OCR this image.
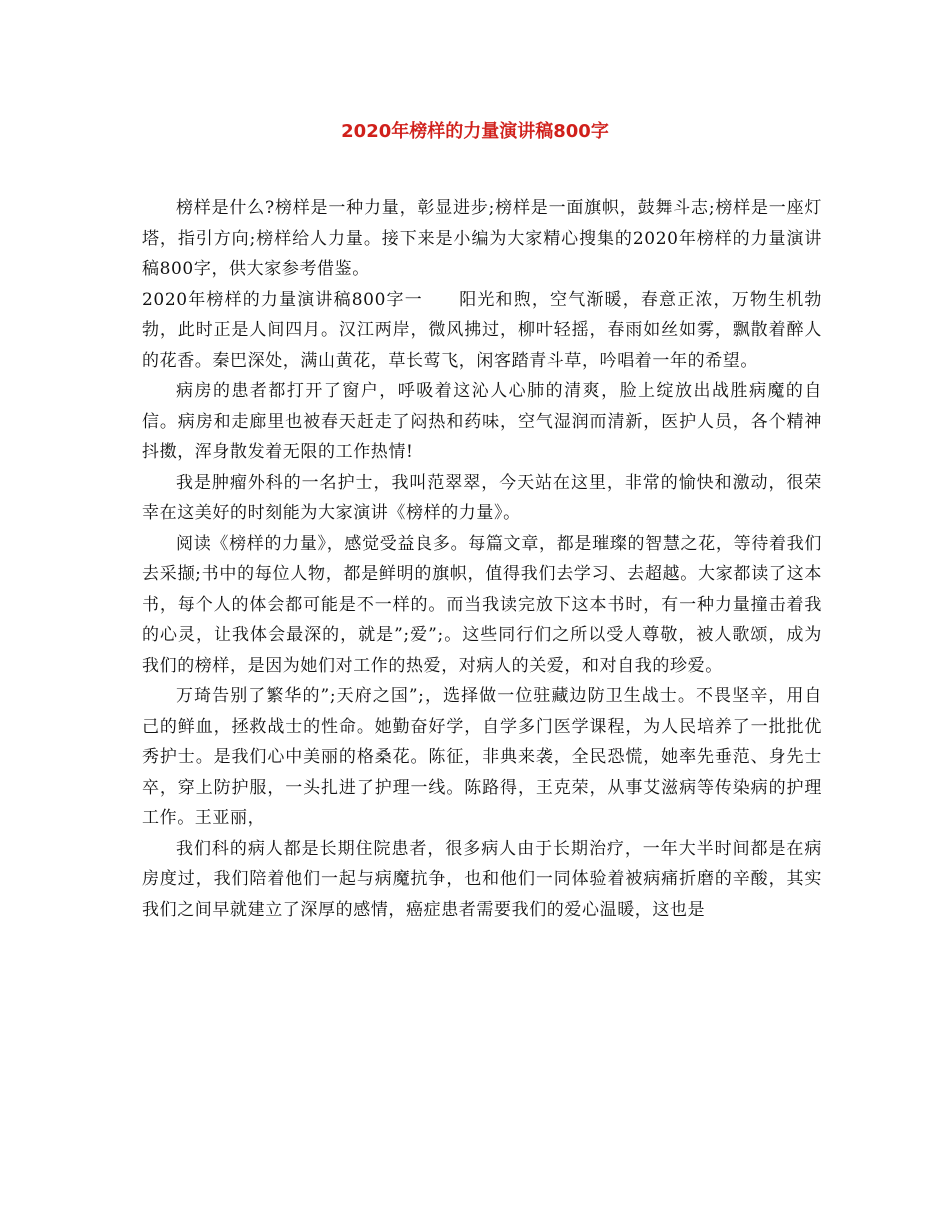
2020年榜样的力量演讲稿800字

榜样是什么?榜样是一种力量，彰显进步;榜样是一面旗帜，鼓舞斗志;榜样是一座灯塔，指引方向;榜样给人力量。接下来是小编为大家精心搜集的2020年榜样的力量演讲稿800字，供大家参考借鉴。

2020年榜样的力量演讲稿800字一　　阳光和煦，空气渐暖，春意正浓，万物生机勃勃，此时正是人间四月。汉江两岸，微风拂过，柳叶轻摇，春雨如丝如雾，飘散着醉人的花香。秦巴深处，满山黄花，草长莺飞，闲客踏青斗草，吟唱着一年的希望。

病房的患者都打开了窗户，呼吸着这沁人心肺的清爽，脸上绽放出战胜病魔的自信。病房和走廊里也被春天赶走了闷热和药味，空气湿润而清新，医护人员，各个精神抖擞，浑身散发着无限的工作热情!

我是肿瘤外科的一名护士，我叫范翠翠，今天站在这里，非常的愉快和激动，很荣幸在这美好的时刻能为大家演讲《榜样的力量》。

阅读《榜样的力量》，感觉受益良多。每篇文章，都是璀璨的智慧之花，等待着我们去采撷;书中的每位人物，都是鲜明的旗帜，值得我们去学习、去超越。大家都读了这本书，每个人的体会都可能是不一样的。而当我读完放下这本书时，有一种力量撞击着我的心灵，让我体会最深的，就是”;爱”;。这些同行们之所以受人尊敬，被人歌颂，成为我们的榜样，是因为她们对工作的热爱，对病人的关爱，和对自我的珍爱。

万琦告别了繁华的”;天府之国”;，选择做一位驻藏边防卫生战士。不畏坚辛，用自己的鲜血，拯救战士的性命。她勤奋好学，自学多门医学课程，为人民培养了一批批优秀护士。是我们心中美丽的格桑花。陈征，非典来袭，全民恐慌，她率先垂范、身先士卒，穿上防护服，一头扎进了护理一线。陈路得，王克荣，从事艾滋病等传染病的护理工作。王亚丽，

我们科的病人都是长期住院患者，很多病人由于长期治疗，一年大半时间都是在病房度过，我们陪着他们一起与病魔抗争，也和他们一同体验着被病痛折磨的辛酸，其实我们之间早就建立了深厚的感情，癌症患者需要我们的爱心温暖，这也是
